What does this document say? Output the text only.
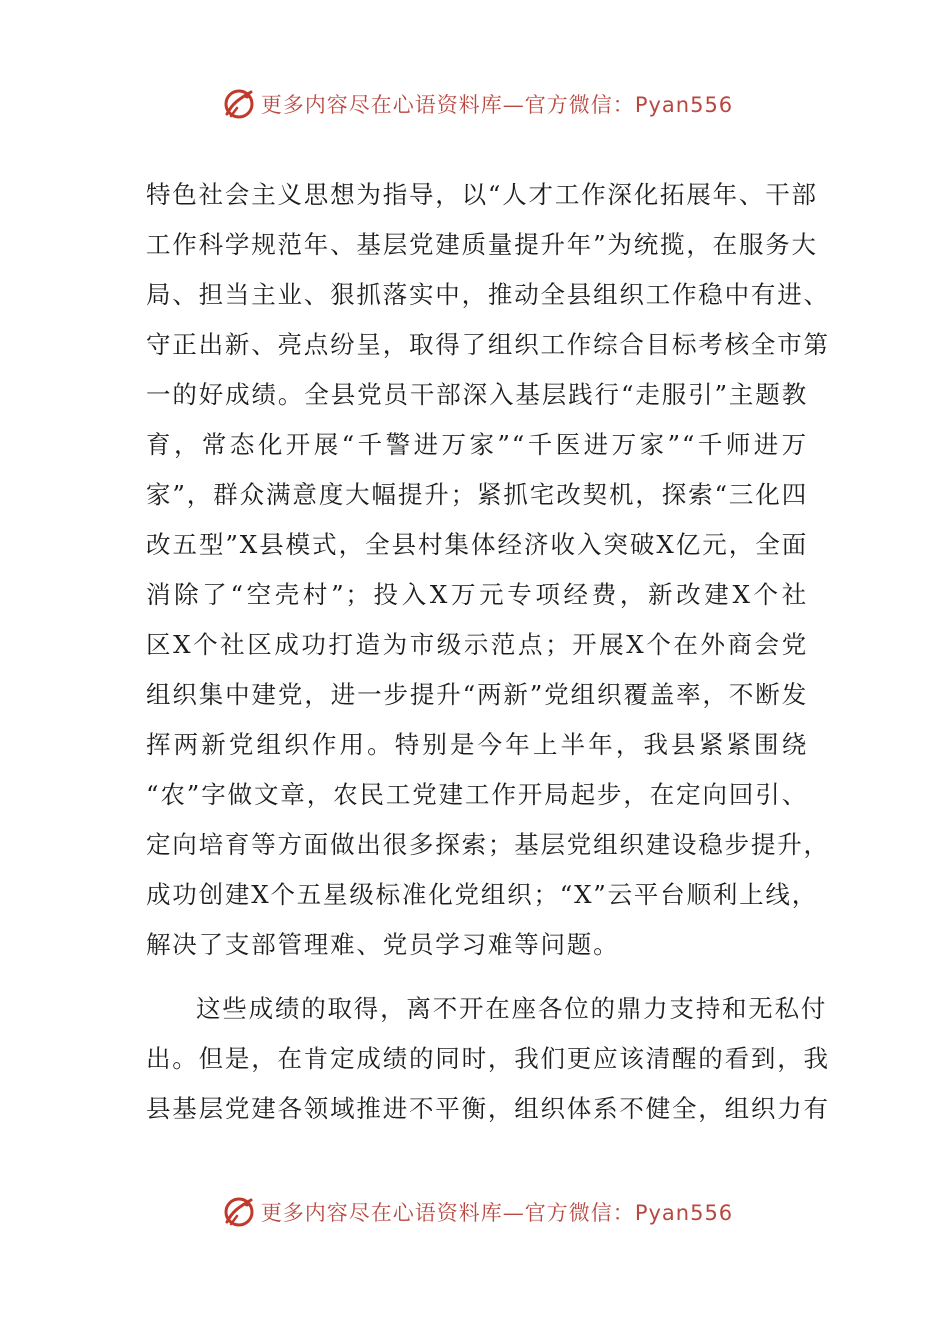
更多内容尽在心语资料库—官方微信：Pyan556

特色社会主义思想为指导，以“人才工作深化拓展年、干部
工作科学规范年、基层党建质量提升年”为统揽，在服务大
局、担当主业、狠抓落实中，推动全县组织工作稳中有进、
守正出新、亮点纷呈，取得了组织工作综合目标考核全市第
一的好成绩。全县党员干部深入基层践行“走服引”主题教
育，常态化开展“千警进万家”“千医进万家”“千师进万
家”，群众满意度大幅提升；紧抓宅改契机，探索“三化四
改五型”X县模式，全县村集体经济收入突破X亿元，全面
消除了“空壳村”；投入X万元专项经费，新改建X个社
区X个社区成功打造为市级示范点；开展X个在外商会党
组织集中建党，进一步提升“两新”党组织覆盖率，不断发
挥两新党组织作用。特别是今年上半年，我县紧紧围绕
“农”字做文章，农民工党建工作开局起步，在定向回引、
定向培育等方面做出很多探索；基层党组织建设稳步提升，
成功创建X个五星级标准化党组织；“X”云平台顺利上线，
解决了支部管理难、党员学习难等问题。

这些成绩的取得，离不开在座各位的鼎力支持和无私付
出。但是，在肯定成绩的同时，我们更应该清醒的看到，我
县基层党建各领域推进不平衡，组织体系不健全，组织力有

更多内容尽在心语资料库—官方微信：Pyan556
